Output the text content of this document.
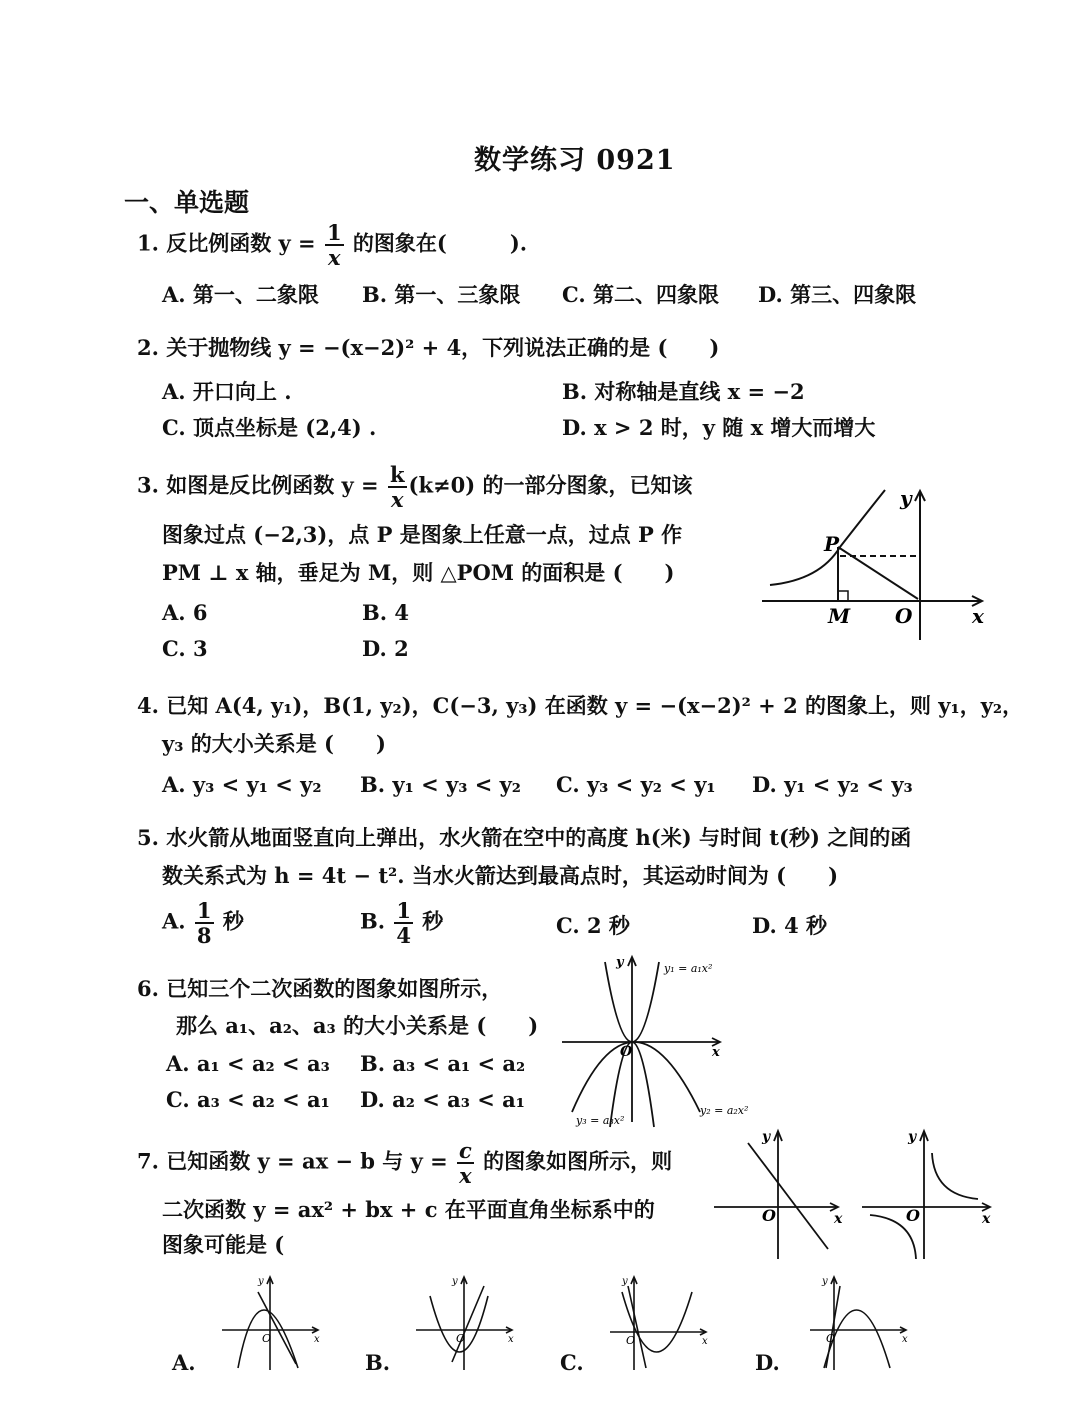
数学练习 0921
一、单选题
1. 反比例函数 $y = \frac{1}{x}$ 的图象在(　　　).
A. 第一、二象限 B. 第一、三象限 C. 第二、四象限 D. 第三、四象限
2. 关于抛物线 y = −(x−2)² + 4，下列说法正确的是 (　　)
A. 开口向上 .	B. 对称轴是直线 x = −2
C. 顶点坐标是 (2,4) .	D. x > 2 时，y 随 x 增大而增大
3. 如图是反比例函数 $y = \frac{k}{x} (k\ne 0)$ 的一部分图象，已知该
图象过点 (−2,3)，点 P 是图象上任意一点，过点 P 作
PM ⊥ x 轴，垂足为 M，则 △POM 的面积是 (　　)
A. 6	B. 4
C. 3	D. 2
y
x
P
M O
4. 已知 A(4, y₁)，B(1, y₂)，C(−3, y₃) 在函数 y = −(x−2)² + 2 的图象上，则 y₁，y₂，
y₃ 的大小关系是 (　　)
A. y₃ < y₁ < y₂ B. y₁ < y₃ < y₂ C. y₃ < y₂ < y₁ D. y₁ < y₂ < y₃
5. 水火箭从地面竖直向上弹出，水火箭在空中的高度 h(米) 与时间 t(秒) 之间的函
数关系式为 h = 4t − t². 当水火箭达到最高点时，其运动时间为 (　　)
A. $\frac{1}{8}$ 秒	B. $\frac{1}{4}$ 秒	C. 2 秒	D. 4 秒
6. 已知三个二次函数的图象如图所示，
那么 a₁、a₂、a₃ 的大小关系是 (　　)
A. a₁ < a₂ < a₃ B. a₃ < a₁ < a₂
C. a₃ < a₂ < a₁ D. a₂ < a₃ < a₁
y
x
O
y₁ = a₁x²
y₂ = a₂x²
y₃ = a₃x²
7. 已知函数 y = ax − b 与 $y = \frac{c}{x}$ 的图象如图所示，则
二次函数 y = ax² + bx + c 在平面直角坐标系中的
图象可能是 (
y
x
O
y
x
O
A.
y
x
O
B.
y
x
O
C.
y
x
O
D.
y
x
O
